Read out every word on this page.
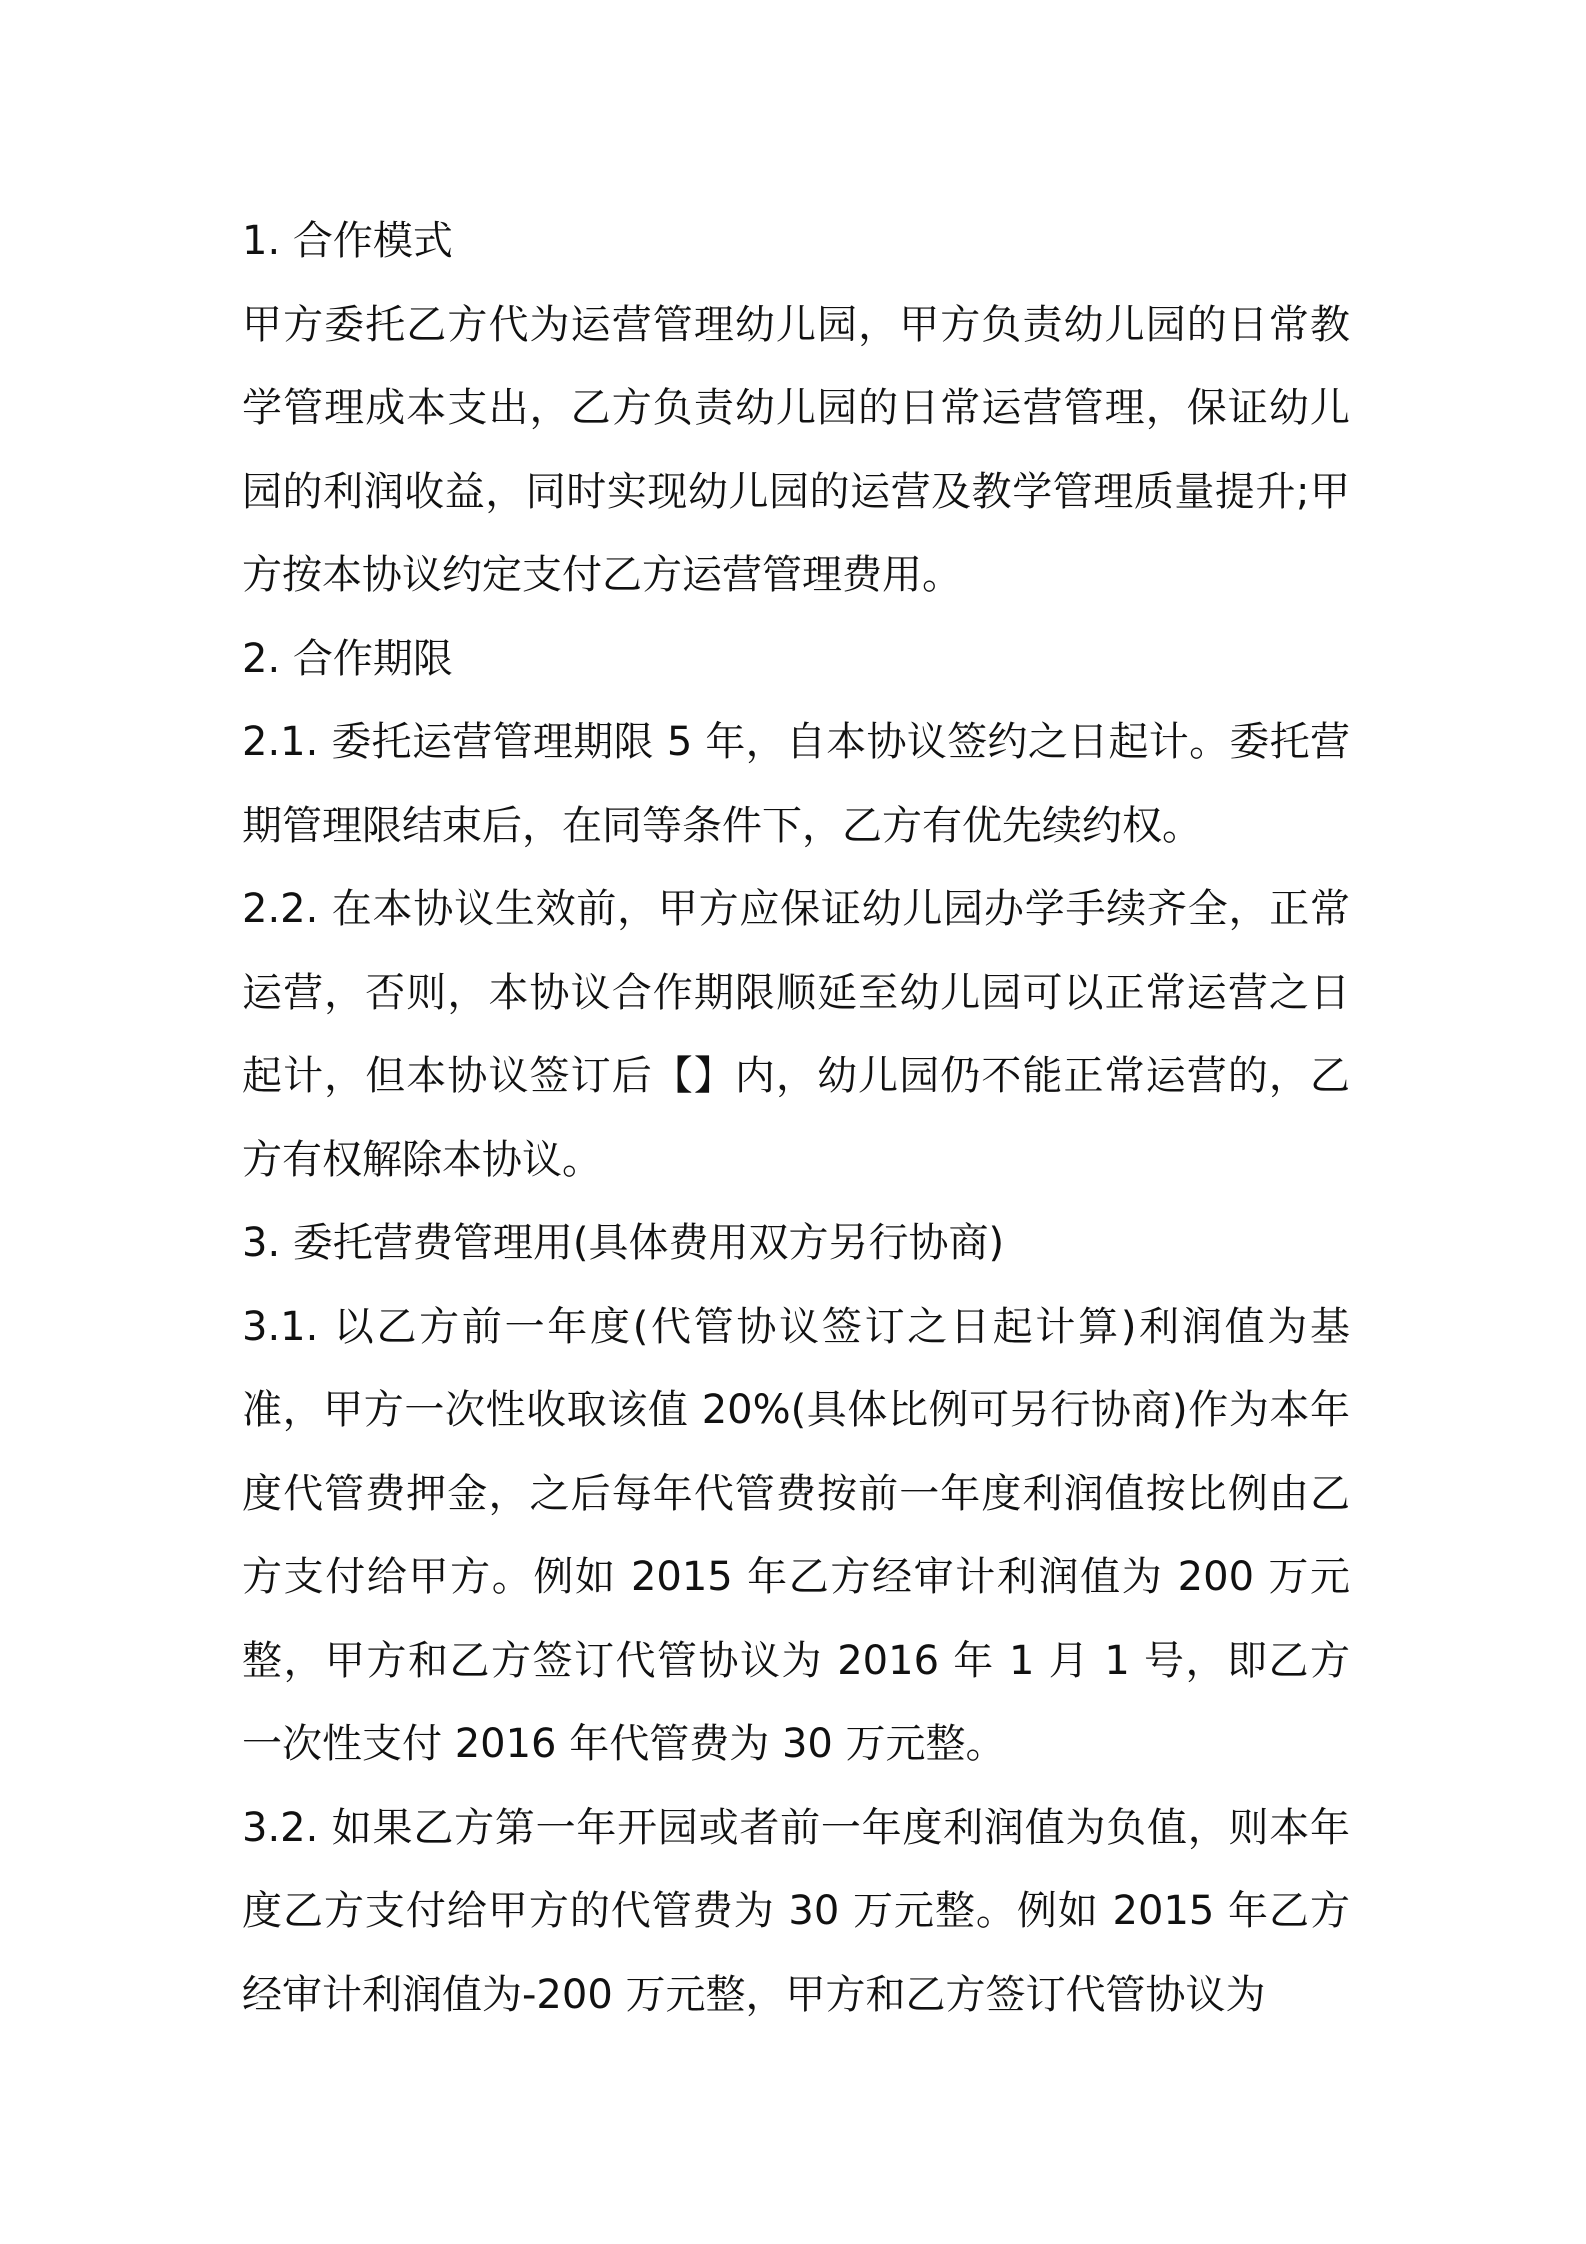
1. 合作模式

甲方委托乙方代为运营管理幼儿园，甲方负责幼儿园的日常教学管理成本支出，乙方负责幼儿园的日常运营管理，保证幼儿园的利润收益，同时实现幼儿园的运营及教学管理质量提升;甲方按本协议约定支付乙方运营管理费用。

2. 合作期限

2.1. 委托运营管理期限 5 年，自本协议签约之日起计。委托营期管理限结束后，在同等条件下，乙方有优先续约权。

2.2. 在本协议生效前，甲方应保证幼儿园办学手续齐全，正常运营，否则，本协议合作期限顺延至幼儿园可以正常运营之日起计，但本协议签订后【】内，幼儿园仍不能正常运营的，乙方有权解除本协议。

3. 委托营费管理用(具体费用双方另行协商)

3.1. 以乙方前一年度(代管协议签订之日起计算)利润值为基准，甲方一次性收取该值 20%(具体比例可另行协商)作为本年度代管费押金，之后每年代管费按前一年度利润值按比例由乙方支付给甲方。例如 2015 年乙方经审计利润值为 200 万元整，甲方和乙方签订代管协议为 2016 年 1 月 1 号，即乙方一次性支付 2016 年代管费为 30 万元整。

3.2. 如果乙方第一年开园或者前一年度利润值为负值，则本年度乙方支付给甲方的代管费为 30 万元整。例如 2015 年乙方经审计利润值为-200 万元整，甲方和乙方签订代管协议为
